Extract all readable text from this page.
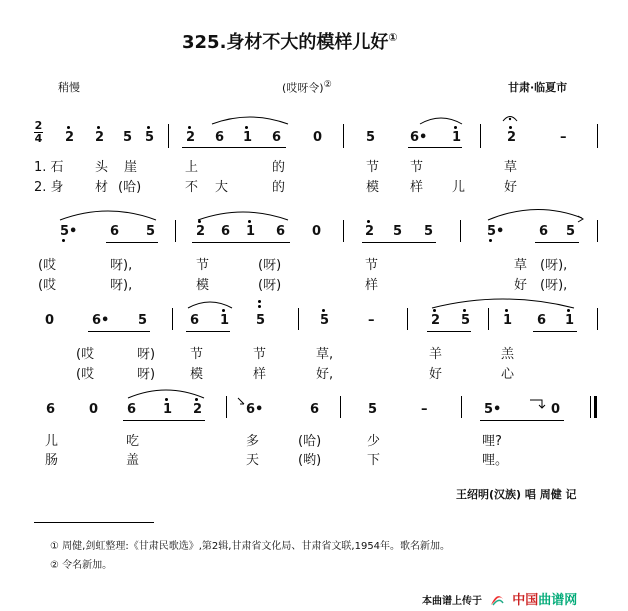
325.身材不大的模样儿好①
稍慢	(哎呀令)②	甘肃·临夏市
2
4 2 2 5 5 2 6 1 6 0	5	6• 1	2	–
1. 石 头 崖	上	的	节 节	草
2. 身 材 (哈)	不 大	的	模 样 儿	好
5•	6 5	2 6 1 6 0	2 5 5	5•	6 5
(哎	呀),	节	(呀)	节	草 (呀),
(哎	呀),	模	(呀)	样	好 (呀),
0	6• 5	6 1 5	5	–	2 5	1 6 1
(哎	呀)	节	节	草,	羊	羔
(哎	呀)	模	样	好,	好	心
6	0 6 1 2	6•	6	5	–	5•	0
儿	吃	多	(哈)	少	哩?
肠	盖	天	(哟)	下	哩。
王绍明(汉族) 唱 周健 记
① 周健,剑虹整理:《甘肃民歌选》,第2辑,甘肃省文化局、甘肃省文联,1954年。歌名新加。
② 令名新加。
本曲谱上传于 中国曲谱网
